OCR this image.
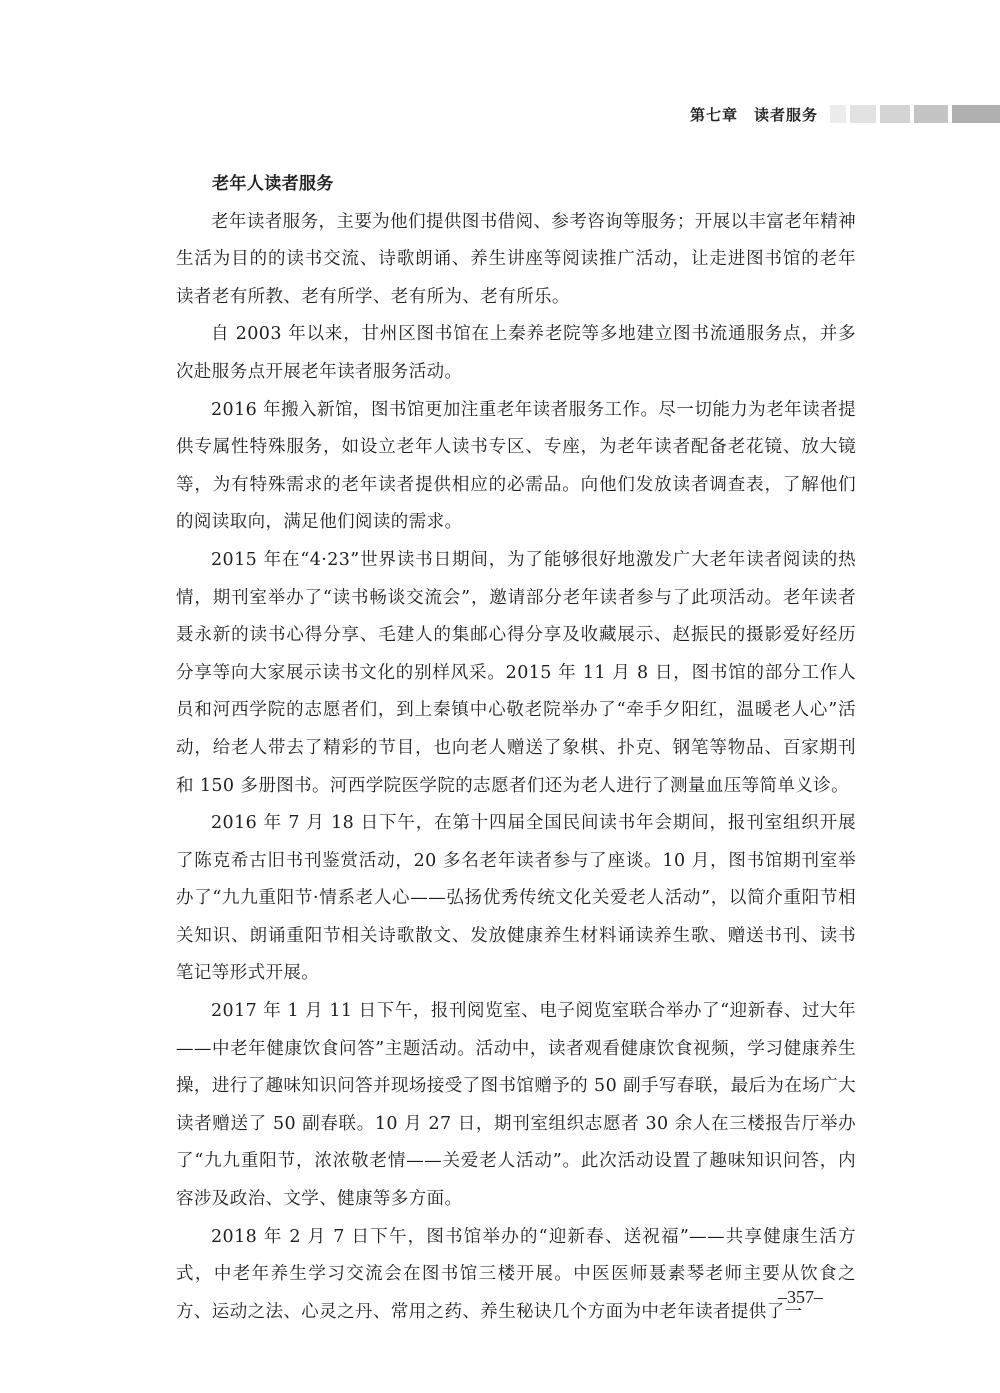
第七章　读者服务
老年人读者服务

老年读者服务，主要为他们提供图书借阅、参考咨询等服务；开展以丰富老年精神生活为目的的读书交流、诗歌朗诵、养生讲座等阅读推广活动，让走进图书馆的老年读者老有所教、老有所学、老有所为、老有所乐。

自 2003 年以来，甘州区图书馆在上秦养老院等多地建立图书流通服务点，并多次赴服务点开展老年读者服务活动。

2016 年搬入新馆，图书馆更加注重老年读者服务工作。尽一切能力为老年读者提供专属性特殊服务，如设立老年人读书专区、专座，为老年读者配备老花镜、放大镜等，为有特殊需求的老年读者提供相应的必需品。向他们发放读者调查表，了解他们的阅读取向，满足他们阅读的需求。

2015 年在“4·23”世界读书日期间，为了能够很好地激发广大老年读者阅读的热情，期刊室举办了“读书畅谈交流会”，邀请部分老年读者参与了此项活动。老年读者聂永新的读书心得分享、毛建人的集邮心得分享及收藏展示、赵振民的摄影爱好经历分享等向大家展示读书文化的别样风采。2015 年 11 月 8 日，图书馆的部分工作人员和河西学院的志愿者们，到上秦镇中心敬老院举办了“牵手夕阳红，温暖老人心”活动，给老人带去了精彩的节目，也向老人赠送了象棋、扑克、钢笔等物品、百家期刊和 150 多册图书。河西学院医学院的志愿者们还为老人进行了测量血压等简单义诊。

2016 年 7 月 18 日下午，在第十四届全国民间读书年会期间，报刊室组织开展了陈克希古旧书刊鉴赏活动，20 多名老年读者参与了座谈。10 月，图书馆期刊室举办了“九九重阳节·情系老人心——弘扬优秀传统文化关爱老人活动”，以简介重阳节相关知识、朗诵重阳节相关诗歌散文、发放健康养生材料诵读养生歌、赠送书刊、读书笔记等形式开展。

2017 年 1 月 11 日下午，报刊阅览室、电子阅览室联合举办了“迎新春、过大年——中老年健康饮食问答”主题活动。活动中，读者观看健康饮食视频，学习健康养生操，进行了趣味知识问答并现场接受了图书馆赠予的 50 副手写春联，最后为在场广大读者赠送了 50 副春联。10 月 27 日，期刊室组织志愿者 30 余人在三楼报告厅举办了“九九重阳节，浓浓敬老情——关爱老人活动”。此次活动设置了趣味知识问答，内容涉及政治、文学、健康等多方面。

2018 年 2 月 7 日下午，图书馆举办的“迎新春、送祝福”——共享健康生活方式，中老年养生学习交流会在图书馆三楼开展。中医医师聂素琴老师主要从饮食之方、运动之法、心灵之丹、常用之药、养生秘诀几个方面为中老年读者提供了一

–357–
